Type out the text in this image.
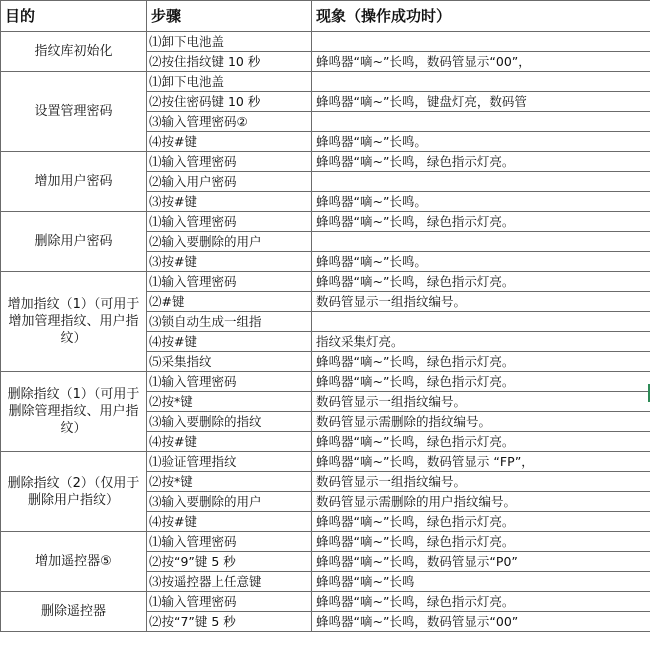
目的	步骤	现象（操作成功时）
指纹库初始化	⑴卸下电池盖	
	⑵按住指纹键 10 秒	蜂鸣器“嘀~”长鸣，数码管显示“00”，
设置管理密码	⑴卸下电池盖	
	⑵按住密码键 10 秒	蜂鸣器“嘀~”长鸣，键盘灯亮，数码管
	⑶输入管理密码②	
	⑷按#键	蜂鸣器“嘀~”长鸣。
增加用户密码	⑴输入管理密码	蜂鸣器“嘀~”长鸣，绿色指示灯亮。
	⑵输入用户密码	
	⑶按#键	蜂鸣器“嘀~”长鸣。
删除用户密码	⑴输入管理密码	蜂鸣器“嘀~”长鸣，绿色指示灯亮。
	⑵输入要删除的用户	
	⑶按#键	蜂鸣器“嘀~”长鸣。
增加指纹（1）（可用于增加管理指纹、用户指纹）	⑴输入管理密码	蜂鸣器“嘀~”长鸣，绿色指示灯亮。
	⑵#键	数码管显示一组指纹编号。
	⑶锁自动生成一组指	
	⑷按#键	指纹采集灯亮。
	⑸采集指纹	蜂鸣器“嘀~”长鸣，绿色指示灯亮。
删除指纹（1）（可用于删除管理指纹、用户指纹）	⑴输入管理密码	蜂鸣器“嘀~”长鸣，绿色指示灯亮。
	⑵按*键	数码管显示一组指纹编号。
	⑶输入要删除的指纹	数码管显示需删除的指纹编号。
	⑷按#键	蜂鸣器“嘀~”长鸣，绿色指示灯亮。
删除指纹（2）（仅用于删除用户指纹）	⑴验证管理指纹	蜂鸣器“嘀~”长鸣，数码管显示 “FP”，
	⑵按*键	数码管显示一组指纹编号。
	⑶输入要删除的用户	数码管显示需删除的用户指纹编号。
	⑷按#键	蜂鸣器“嘀~”长鸣，绿色指示灯亮。
增加遥控器⑤	⑴输入管理密码	蜂鸣器“嘀~”长鸣，绿色指示灯亮。
	⑵按“9”键 5 秒	蜂鸣器“嘀~”长鸣，数码管显示“P0”
	⑶按遥控器上任意键	蜂鸣器“嘀~”长鸣
删除遥控器	⑴输入管理密码	蜂鸣器“嘀~”长鸣，绿色指示灯亮。
	⑵按“7”键 5 秒	蜂鸣器“嘀~”长鸣，数码管显示“00”
